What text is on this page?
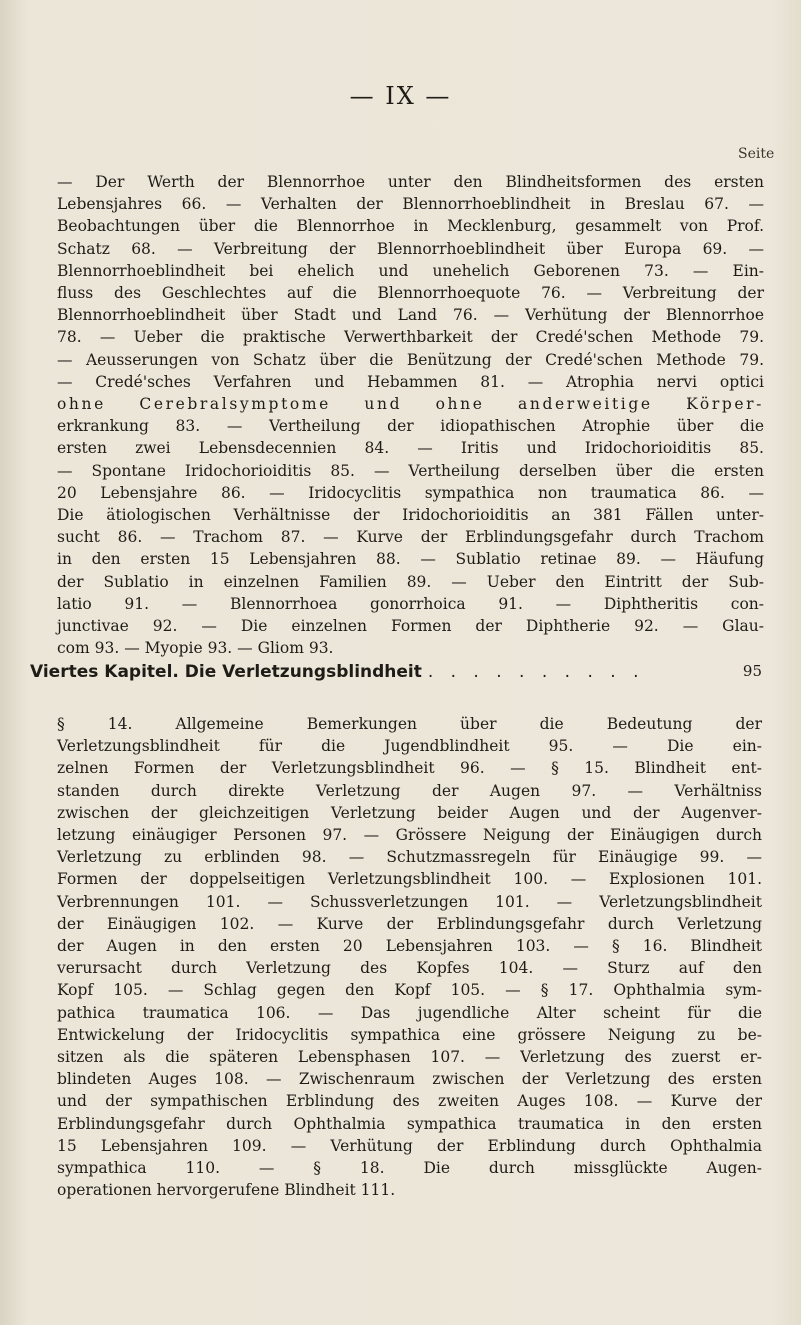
— IX —
Seite
— Der Werth der Blennorrhoe unter den Blindheitsformen des ersten
Lebensjahres 66. — Verhalten der Blennorrhoeblindheit in Breslau 67. —
Beobachtungen über die Blennorrhoe in Mecklenburg, gesammelt von Prof.
Schatz 68. — Verbreitung der Blennorrhoeblindheit über Europa 69. —
Blennorrhoeblindheit bei ehelich und unehelich Geborenen 73. — Ein-
fluss des Geschlechtes auf die Blennorrhoequote 76. — Verbreitung der
Blennorrhoeblindheit über Stadt und Land 76. — Verhütung der Blennorrhoe
78. — Ueber die praktische Verwerthbarkeit der Credé'schen Methode 79.
— Aeusserungen von Schatz über die Benützung der Credé'schen Methode 79.
— Credé'sches Verfahren und Hebammen 81. — Atrophia nervi optici
ohne Cerebralsymptome und ohne anderweitige Körper-
erkrankung 83. — Vertheilung der idiopathischen Atrophie über die
ersten zwei Lebensdecennien 84. — Iritis und Iridochorioiditis 85.
— Spontane Iridochorioiditis 85. — Vertheilung derselben über die ersten
20 Lebensjahre 86. — Iridocyclitis sympathica non traumatica 86. —
Die ätiologischen Verhältnisse der Iridochorioiditis an 381 Fällen unter-
sucht 86. — Trachom 87. — Kurve der Erblindungsgefahr durch Trachom
in den ersten 15 Lebensjahren 88. — Sublatio retinae 89. — Häufung
der Sublatio in einzelnen Familien 89. — Ueber den Eintritt der Sub-
latio 91. — Blennorrhoea gonorrhoica 91. — Diphtheritis con-
junctivae 92. — Die einzelnen Formen der Diphtherie 92. — Glau-
com 93. — Myopie 93. — Gliom 93.
Viertes Kapitel. Die Verletzungsblindheit . . . . . . . . . .	95
§ 14. Allgemeine Bemerkungen über die Bedeutung der
Verletzungsblindheit für die Jugendblindheit 95. — Die ein-
zelnen Formen der Verletzungsblindheit 96. — § 15. Blindheit ent-
standen durch direkte Verletzung der Augen 97. — Verhältniss
zwischen der gleichzeitigen Verletzung beider Augen und der Augenver-
letzung einäugiger Personen 97. — Grössere Neigung der Einäugigen durch
Verletzung zu erblinden 98. — Schutzmassregeln für Einäugige 99. —
Formen der doppelseitigen Verletzungsblindheit 100. — Explosionen 101.
Verbrennungen 101. — Schussverletzungen 101. — Verletzungsblindheit
der Einäugigen 102. — Kurve der Erblindungsgefahr durch Verletzung
der Augen in den ersten 20 Lebensjahren 103. — § 16. Blindheit
verursacht durch Verletzung des Kopfes 104. — Sturz auf den
Kopf 105. — Schlag gegen den Kopf 105. — § 17. Ophthalmia sym-
pathica traumatica 106. — Das jugendliche Alter scheint für die
Entwickelung der Iridocyclitis sympathica eine grössere Neigung zu be-
sitzen als die späteren Lebensphasen 107. — Verletzung des zuerst er-
blindeten Auges 108. — Zwischenraum zwischen der Verletzung des ersten
und der sympathischen Erblindung des zweiten Auges 108. — Kurve der
Erblindungsgefahr durch Ophthalmia sympathica traumatica in den ersten
15 Lebensjahren 109. — Verhütung der Erblindung durch Ophthalmia
sympathica 110. — § 18. Die durch missglückte Augen-
operationen hervorgerufene Blindheit 111.
